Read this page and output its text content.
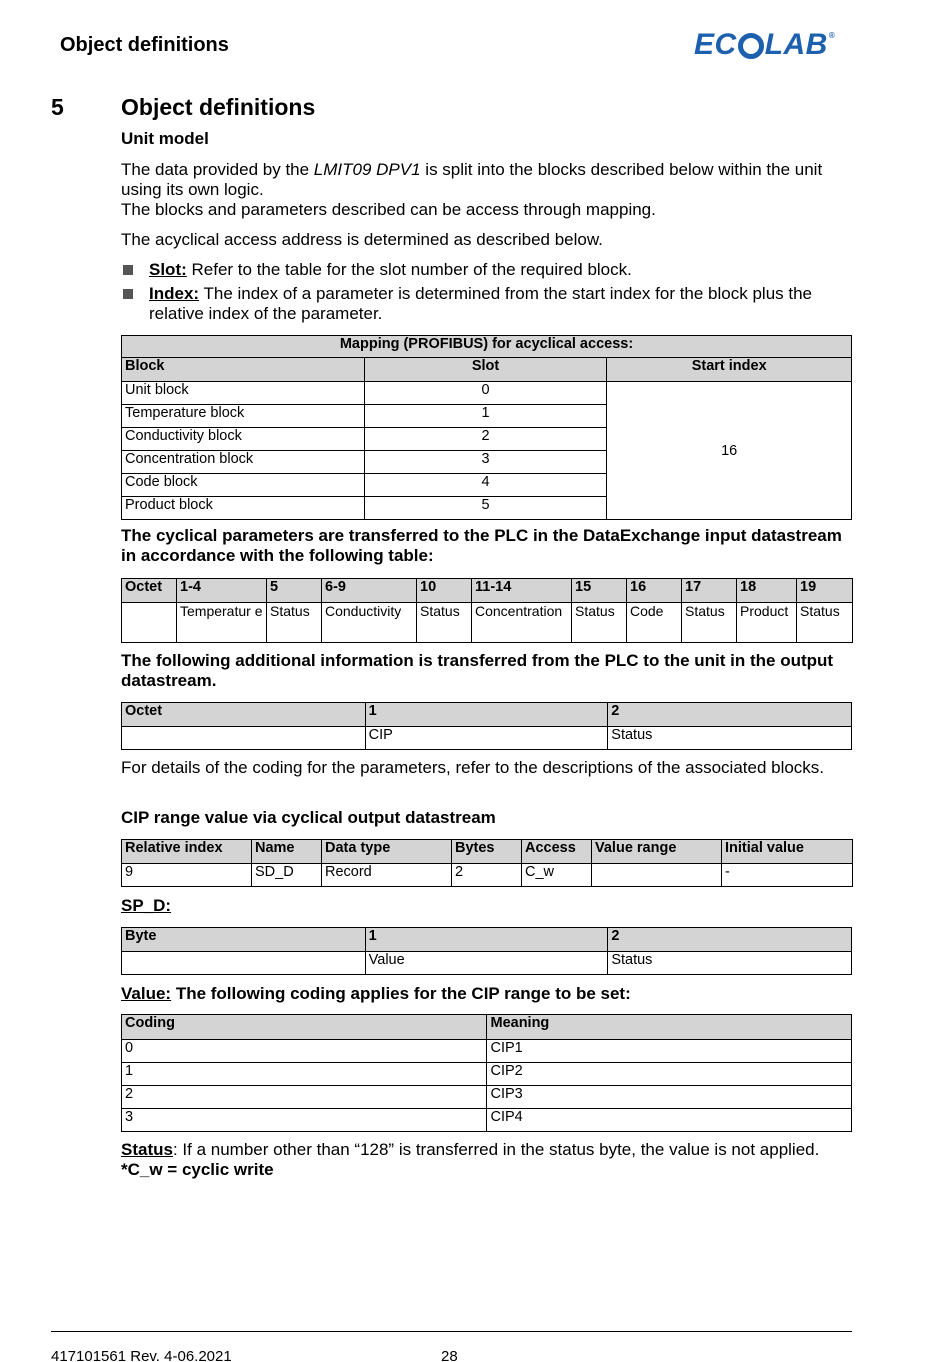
Object definitions	EC LAB®
5 Object definitions
Unit model
The data provided by the LMIT09 DPV1 is split into the blocks described below within the unit using its own logic.
The blocks and parameters described can be access through mapping.
The acyclical access address is determined as described below.
Slot: Refer to the table for the slot number of the required block.
Index: The index of a parameter is determined from the start index for the block plus the relative index of the parameter.
Mapping (PROFIBUS) for acyclical access:		
Block	Slot	Start index
Unit block	0	16
Temperature block	1	
Conductivity block	2	
Concentration block	3	
Code block	4	
Product block	5	
The cyclical parameters are transferred to the PLC in the DataExchange input datastream in accordance with the following table:
Octet	1-4	5	6-9	10	11-14	15	16	17	18	19
	Temperatur e	Status	Conductivity	Status	Concentration	Status	Code	Status	Product	Status
The following additional information is transferred from the PLC to the unit in the output datastream.
Octet	1	2
	CIP	Status
For details of the coding for the parameters, refer to the descriptions of the associated blocks.
CIP range value via cyclical output datastream
Relative index	Name	Data type	Bytes	Access	Value range	Initial value
9	SD_D	Record	2	C_w		-
SP_D:
Byte	1	2
	Value	Status
Value: The following coding applies for the CIP range to be set:
Coding	Meaning
0	CIP1
1	CIP2
2	CIP3
3	CIP4
Status: If a number other than “128” is transferred in the status byte, the value is not applied. *C_w = cyclic write
417101561 Rev. 4-06.2021	28
